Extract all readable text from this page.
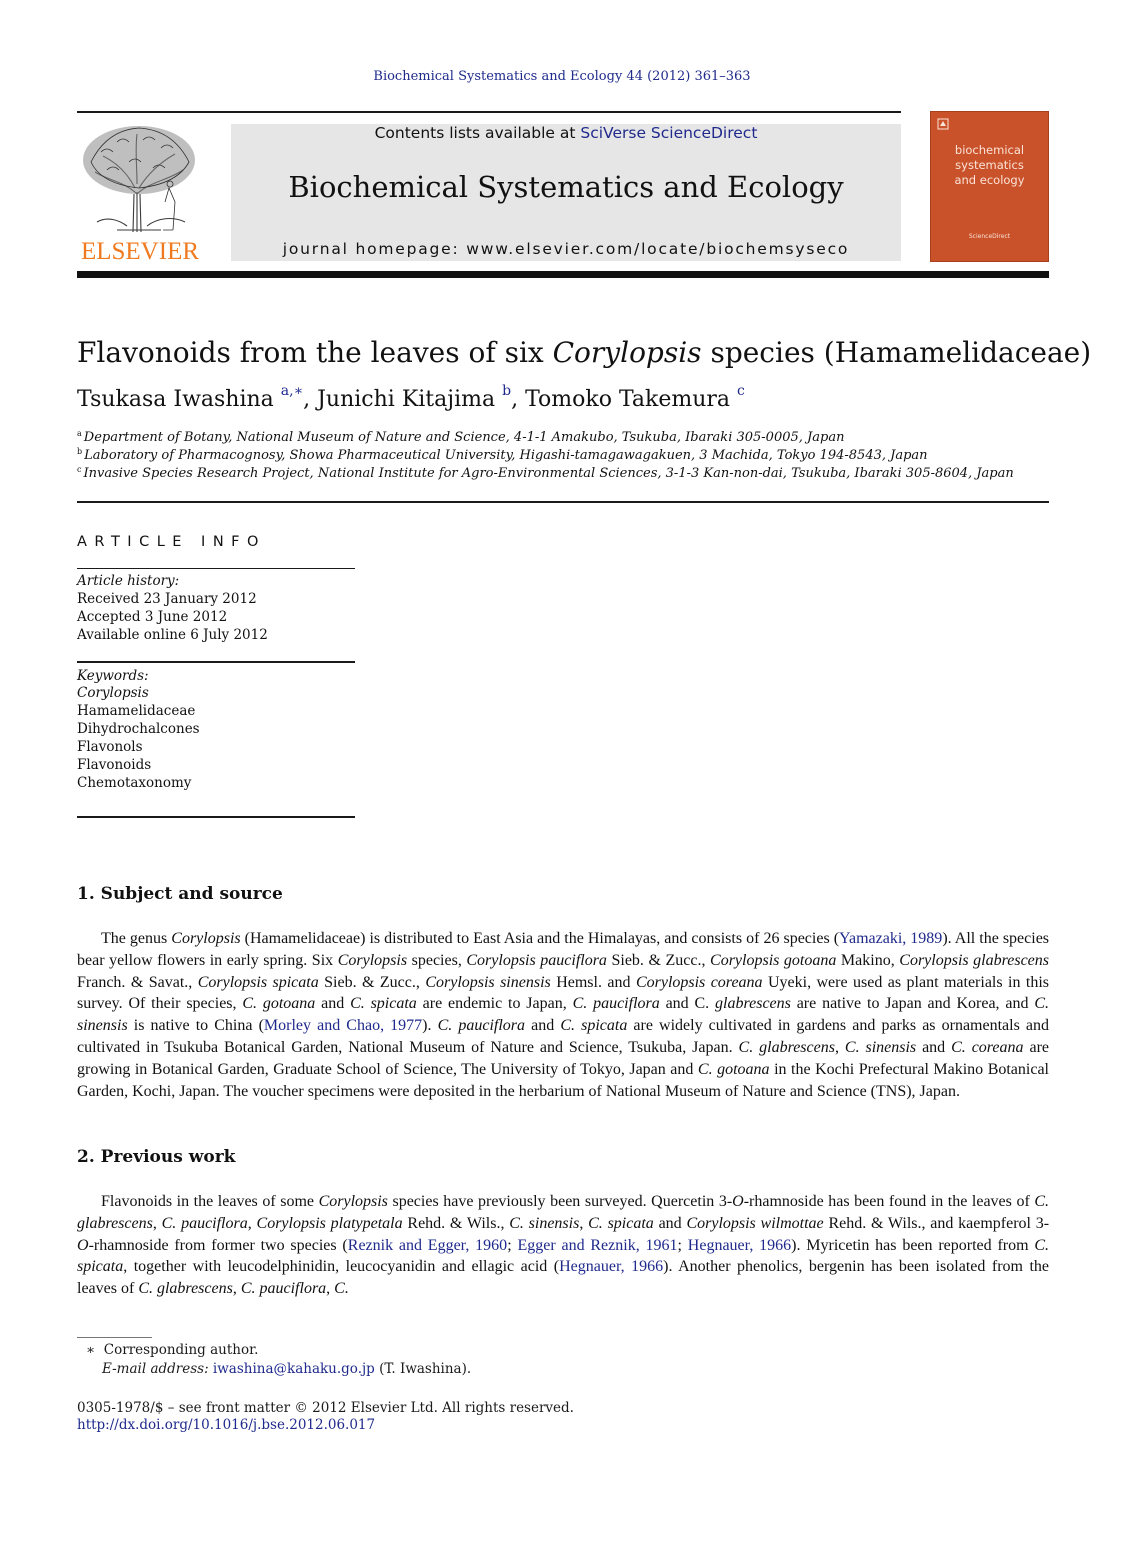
Biochemical Systematics and Ecology 44 (2012) 361–363
ELSEVIER
Contents lists available at SciVerse ScienceDirect
Biochemical Systematics and Ecology
journal homepage: www.elsevier.com/locate/biochemsyseco
biochemical
systematics
and ecology
ScienceDirect
Flavonoids from the leaves of six Corylopsis species (Hamamelidaceae)
Tsukasa Iwashina $^{a,∗}$, Junichi Kitajima $^b$, Tomoko Takemura $^c$
$^a$ Department of Botany, National Museum of Nature and Science, 4-1-1 Amakubo, Tsukuba, Ibaraki 305-0005, Japan
$^b$ Laboratory of Pharmacognosy, Showa Pharmaceutical University, Higashi-tamagawagakuen, 3 Machida, Tokyo 194-8543, Japan
$^c$ Invasive Species Research Project, National Institute for Agro-Environmental Sciences, 3-1-3 Kan-non-dai, Tsukuba, Ibaraki 305-8604, Japan
ARTICLE INFO
Article history:
Received 23 January 2012
Accepted 3 June 2012
Available online 6 July 2012
Keywords:
Corylopsis
Hamamelidaceae
Dihydrochalcones
Flavonols
Flavonoids
Chemotaxonomy
1. Subject and source
The genus Corylopsis (Hamamelidaceae) is distributed to East Asia and the Himalayas, and consists of 26 species (Yamazaki, 1989). All the species bear yellow flowers in early spring. Six Corylopsis species, Corylopsis pauciflora Sieb. & Zucc., Corylopsis gotoana Makino, Corylopsis glabrescens Franch. & Savat., Corylopsis spicata Sieb. & Zucc., Corylopsis sinensis Hemsl. and Corylopsis coreana Uyeki, were used as plant materials in this survey. Of their species, C. gotoana and C. spicata are endemic to Japan, C. pauciflora and C. glabrescens are native to Japan and Korea, and C. sinensis is native to China (Morley and Chao, 1977). C. pauciflora and C. spicata are widely cultivated in gardens and parks as ornamentals and cultivated in Tsukuba Botanical Garden, National Museum of Nature and Science, Tsukuba, Japan. C. glabrescens, C. sinensis and C. coreana are growing in Botanical Garden, Graduate School of Science, The University of Tokyo, Japan and C. gotoana in the Kochi Prefectural Makino Botanical Garden, Kochi, Japan. The voucher specimens were deposited in the herbarium of National Museum of Nature and Science (TNS), Japan.
2. Previous work
Flavonoids in the leaves of some Corylopsis species have previously been surveyed. Quercetin 3-O-rhamnoside has been found in the leaves of C. glabrescens, C. pauciflora, Corylopsis platypetala Rehd. & Wils., C. sinensis, C. spicata and Corylopsis wilmottae Rehd. & Wils., and kaempferol 3-O-rhamnoside from former two species (Reznik and Egger, 1960; Egger and Reznik, 1961; Hegnauer, 1966). Myricetin has been reported from C. spicata, together with leucodelphinidin, leucocyanidin and ellagic acid (Hegnauer, 1966). Another phenolics, bergenin has been isolated from the leaves of C. glabrescens, C. pauciflora, C.
∗ Corresponding author.
E-mail address: iwashina@kahaku.go.jp (T. Iwashina).
0305-1978/$ – see front matter © 2012 Elsevier Ltd. All rights reserved.
http://dx.doi.org/10.1016/j.bse.2012.06.017
